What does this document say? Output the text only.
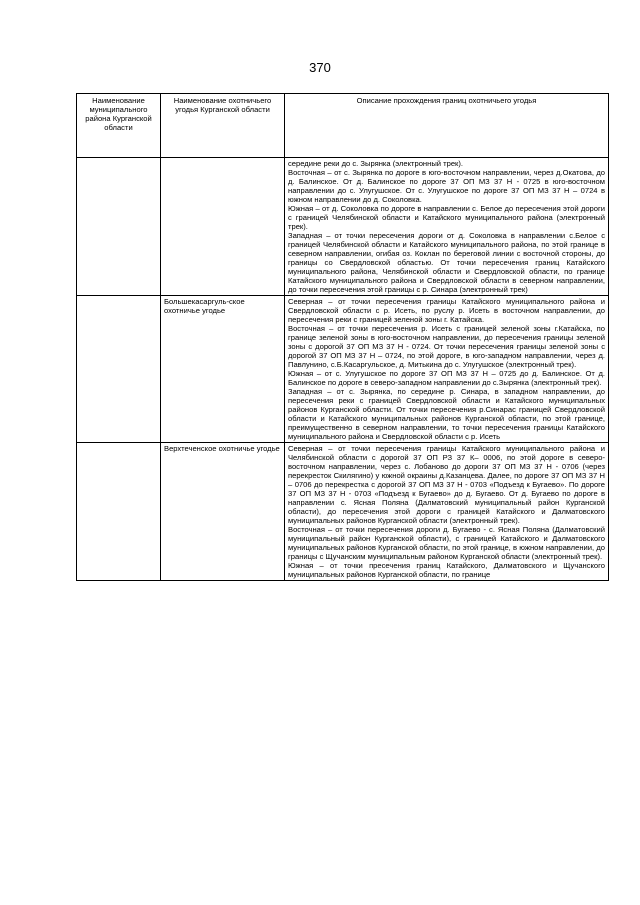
370
Наименование муниципального района Курганской области	Наименование охотничьего угодья Курганской области	Описание прохождения границ охотничьего угодья

		середине реки до с. Зырянка (электронный трек).
Восточная – от с. Зырянка по дороге в юго-восточном направлении, через д.Окатова, до д. Балинское. От д. Балинское по дороге 37 ОП МЗ 37 Н - 0725 в юго-восточном направлении до с. Улугушское. От с. Улугушское по дороге 37 ОП МЗ 37 Н – 0724 в южном направлении до д. Соколовка.
Южная – от д. Соколовка по дороге в направлении с. Белое до пересечения этой дороги с границей Челябинской области и Катайского муниципального района (электронный трек).
Западная – от точки пересечения дороги от д. Соколовка в направлении с.Белое с границей Челябинской области и Катайского муниципального района, по этой границе в северном направлении, огибая оз. Коклан по береговой линии с восточной стороны, до границы со Свердловской областью. От точки пересечения границ Катайского муниципального района, Челябинской области и Свердловской области, по границе Катайского муниципального района и Свердловской области в северном направлении, до точки пересечения этой границы с р. Синара (электронный трек)

	Большекасаргуль-ское охотничье угодье	Северная – от точки пересечения границы Катайского муниципального района и Свердловской области с р. Исеть, по руслу р. Исеть в восточном направлении, до пересечения реки с границей зеленой зоны г. Катайска.
Восточная – от точки пересечения р. Исеть с границей зеленой зоны г.Катайска, по границе зеленой зоны в юго-восточном направлении, до пересечения границы зеленой зоны с дорогой 37 ОП МЗ 37 Н - 0724. От точки пересечения границы зеленой зоны с дорогой 37 ОП МЗ 37 Н – 0724, по этой дороге, в юго-западном направлении, через д. Павлунино, с.Б.Касаргульское, д. Митькина до с. Улугушское (электронный трек).
Южная – от с. Улугушское по дороге 37 ОП МЗ 37 Н – 0725 до д. Балинское. От д. Балинское по дороге в северо-западном направлении до с.Зырянка (электронный трек).
Западная – от с. Зырянка, по середине р. Синара, в западном направлении, до пересечения реки с границей Свердловской области и Катайского муниципальных районов Курганской области. От точки пересечения р.Синарас границей Свердловской области и Катайского муниципальных районов Курганской области, по этой границе, преимущественно в северном направлении, то точки пересечения границы Катайского муниципального района и Свердловской области с р. Исеть

	Верхтеченское охотничье угодье	Северная – от точки пересечения границы Катайского муниципального района и Челябинской области с дорогой 37 ОП РЗ 37 К– 0006, по этой дороге в северо-восточном направлении, через с. Лобаново до дороги 37 ОП МЗ 37 Н - 0706 (через перекресток Скилягино) у южной окраины д.Казанцева. Далее, по дороге 37 ОП МЗ 37 Н – 0706 до перекрестка с дорогой 37 ОП МЗ 37 Н - 0703 «Подъезд к Бугаево». По дороге 37 ОП МЗ 37 Н - 0703 «Подъезд к Бугаево» до д. Бугаево. От д. Бугаево по дороге в направлении с. Ясная Поляна (Далматовский муниципальный район Курганской области), до пересечения этой дороги с границей Катайского и Далматовского муниципальных районов Курганской области (электронный трек).
Восточная – от точки пересечения дороги д. Бугаево - с. Ясная Поляна (Далматовский муниципальный район Курганской области), с границей Катайского и Далматовского муниципальных районов Курганской области, по этой границе, в южном направлении, до границы с Щучанским муниципальным районом Курганской области (электронный трек).
Южная – от точки пресечения границ Катайского, Далматовского и Щучанского муниципальных районов Курганской области, по границе
